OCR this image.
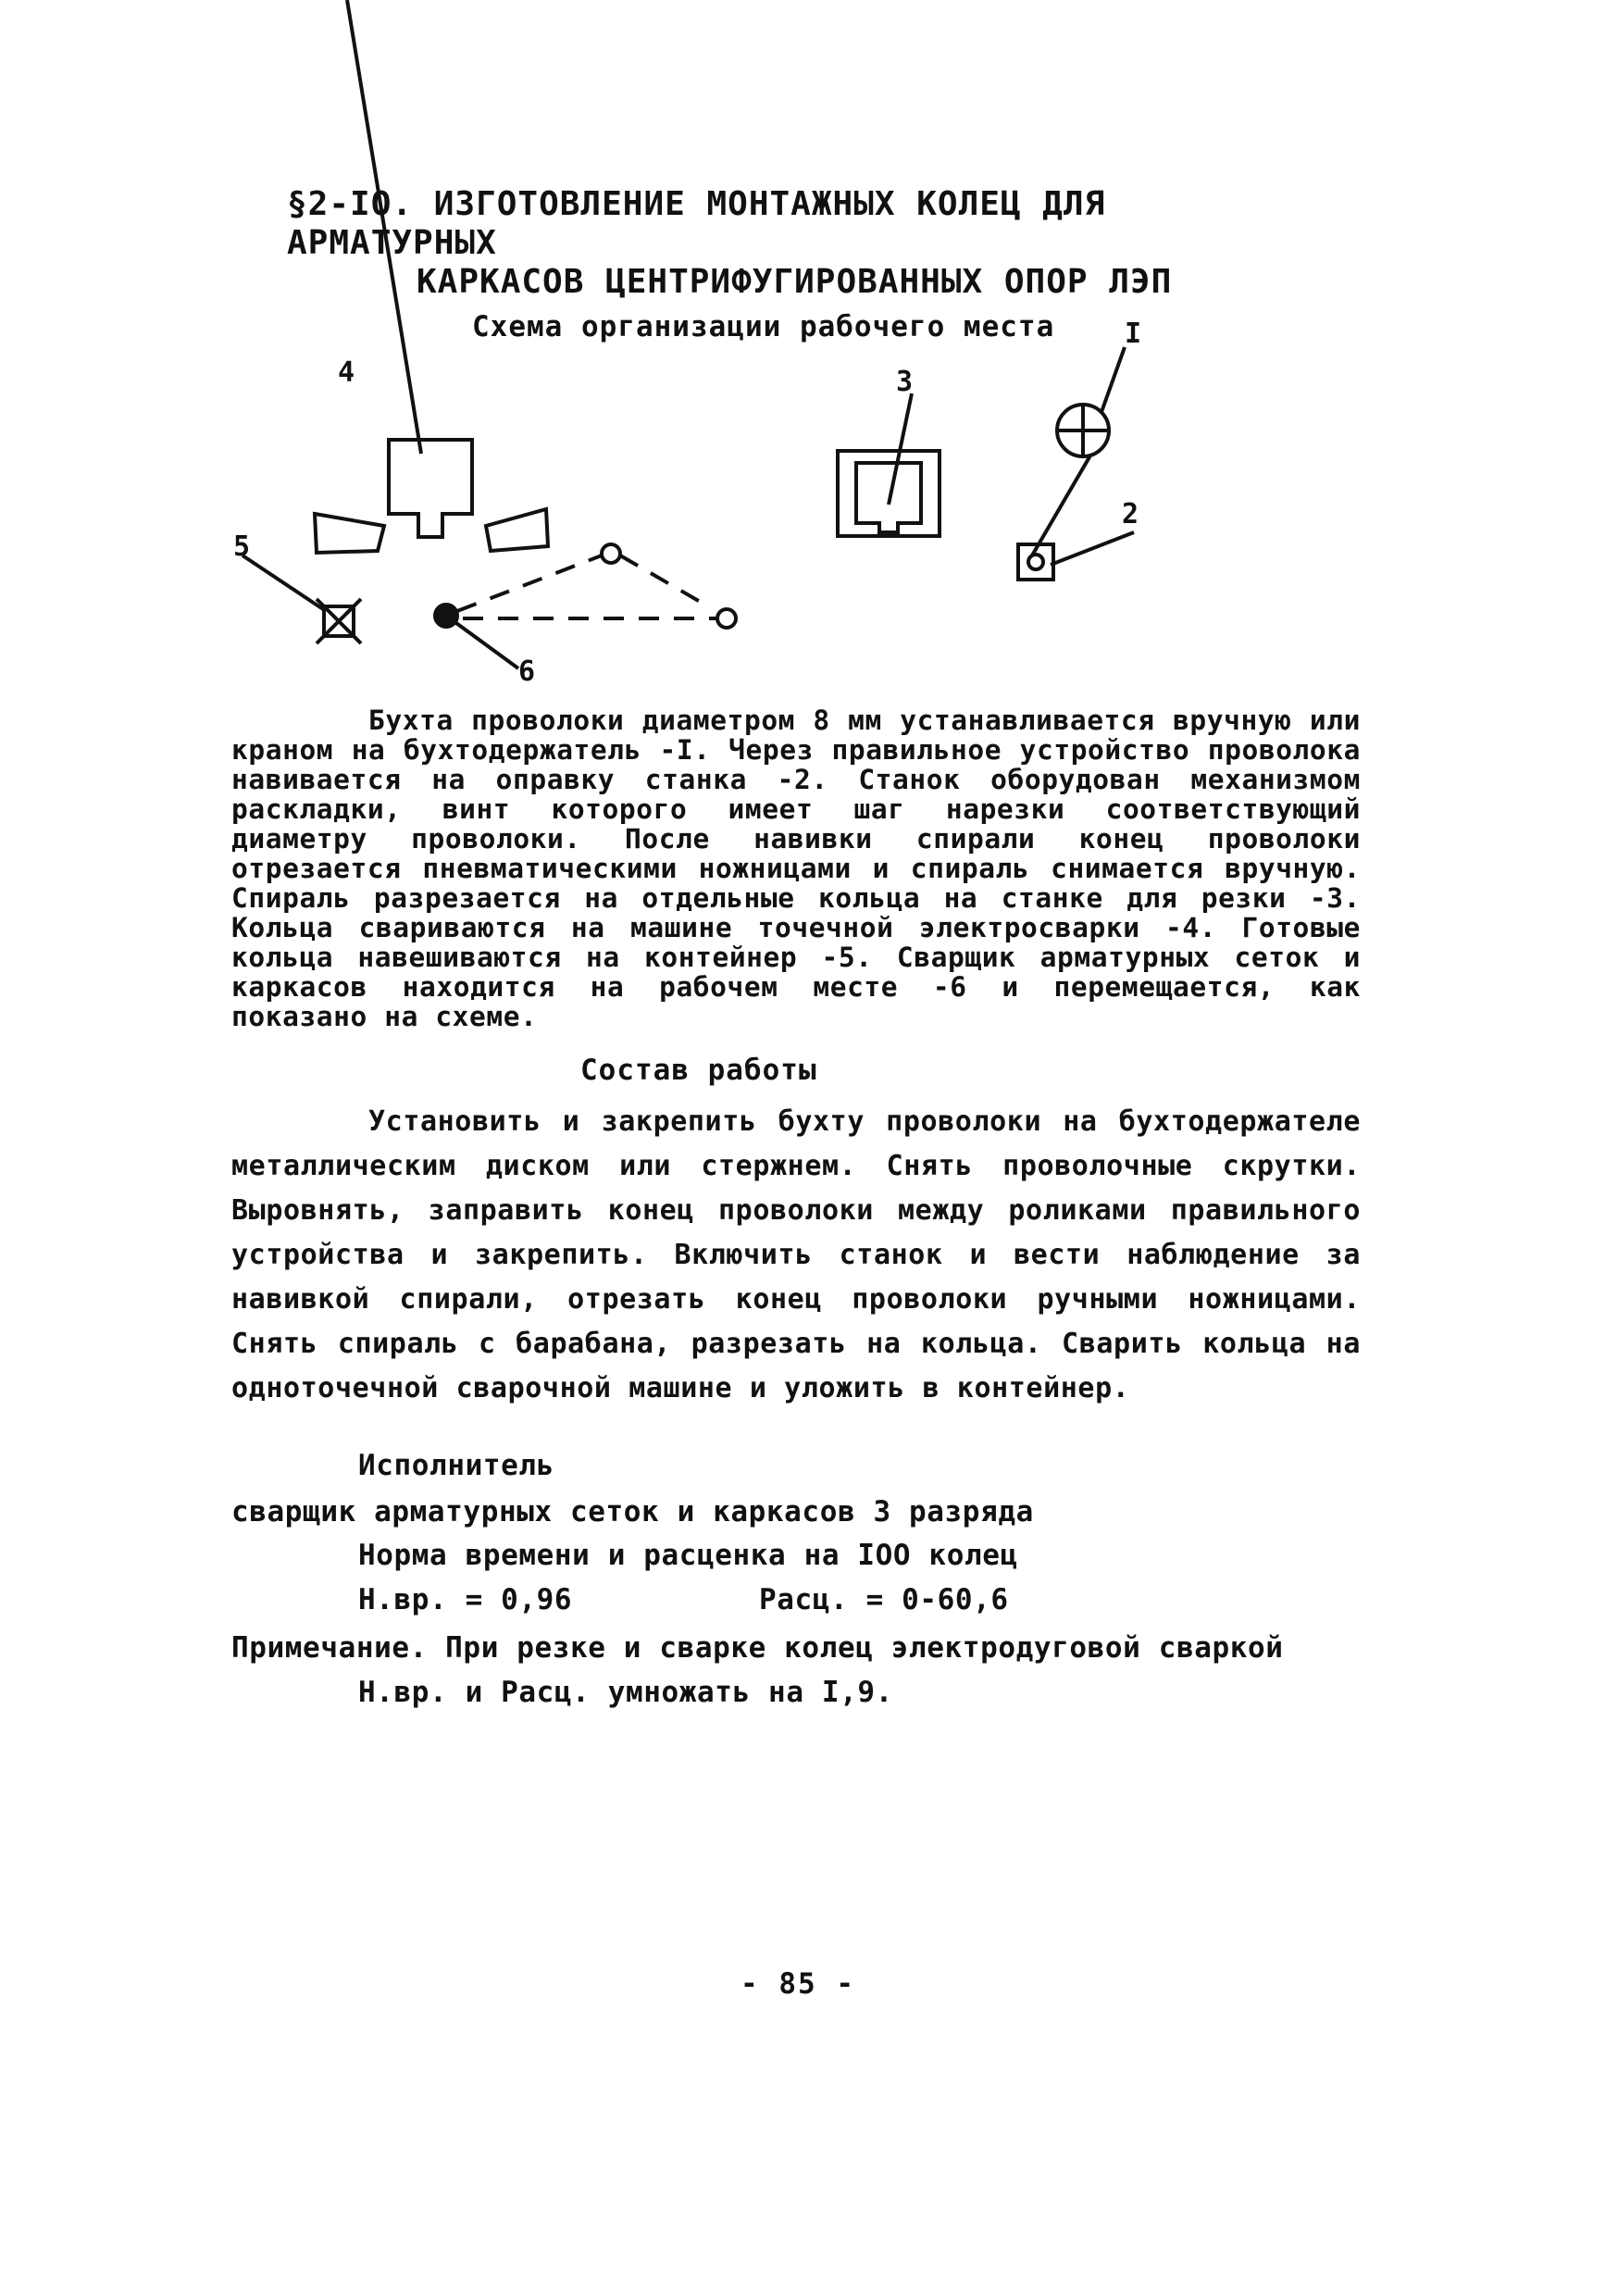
§2-IO. ИЗГОТОВЛЕНИЕ МОНТАЖНЫХ КОЛЕЦ ДЛЯ АРМАТУРНЫХ
КАРКАСОВ ЦЕНТРИФУГИРОВАННЫХ ОПОР ЛЭП
Схема организации рабочего места	I
2
3
4
5
6
Бухта проволоки диаметром 8 мм устанавливается вручную или краном на бухтодержатель -I. Через правильное устройство проволока навивается на оправку станка -2. Станок оборудован механизмом раскладки, винт которого имеет шаг нарезки соответствующий диаметру проволоки. После навивки спирали конец проволоки отрезается пневматическими ножницами и спираль снимается вручную. Спираль разрезается на отдельные кольца на станке для резки -3. Кольца свариваются на машине точечной электросварки -4. Готовые кольца навешиваются на контейнер -5. Сварщик арматурных сеток и каркасов находится на рабочем месте -6 и перемещается, как показано на схеме.
Состав работы
Установить и закрепить бухту проволоки на бухтодержателе металлическим диском или стержнем. Снять проволочные скрутки. Выровнять, заправить конец проволоки между роликами правильного устройства и закрепить. Включить станок и вести наблюдение за навивкой спирали, отрезать конец проволоки ручными ножницами. Снять спираль с барабана, разрезать на кольца. Сварить кольца на одноточечной сварочной машине и уложить в контейнер.
Исполнитель
сварщик арматурных сеток и каркасов 3 разряда
Норма времени и расценка на IOO колец
Н.вр. = 0,96	Расц. = 0-60,6
Примечание. При резке и сварке колец электродуговой сваркой
Н.вр. и Расц. умножать на I,9.
- 85 -
